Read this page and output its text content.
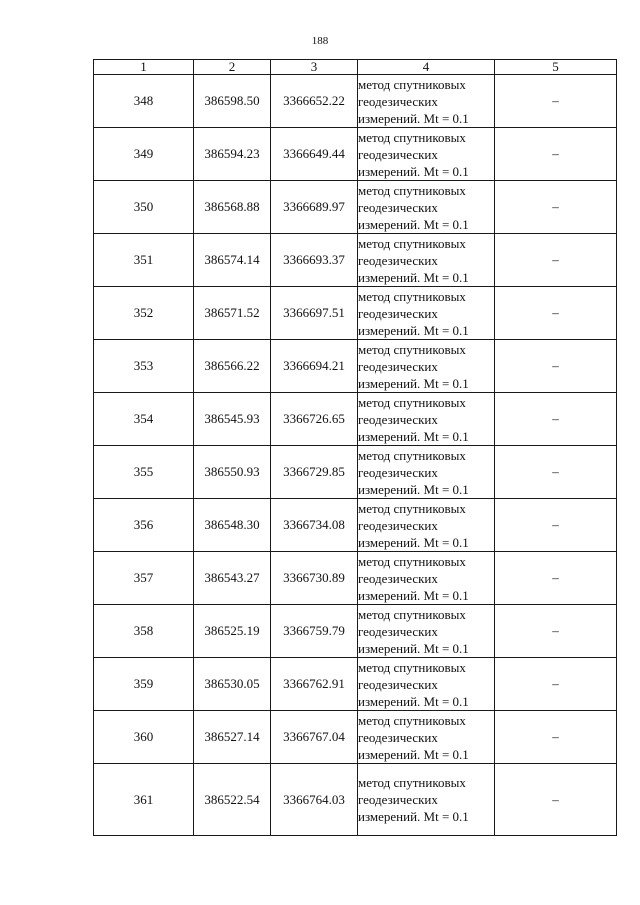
188
1	2	3	4	5
348	386598.50	3366652.22	метод спутниковых
геодезических
измерений. Mt = 0.1	–
349	386594.23	3366649.44	метод спутниковых
геодезических
измерений. Mt = 0.1	–
350	386568.88	3366689.97	метод спутниковых
геодезических
измерений. Mt = 0.1	–
351	386574.14	3366693.37	метод спутниковых
геодезических
измерений. Mt = 0.1	–
352	386571.52	3366697.51	метод спутниковых
геодезических
измерений. Mt = 0.1	–
353	386566.22	3366694.21	метод спутниковых
геодезических
измерений. Mt = 0.1	–
354	386545.93	3366726.65	метод спутниковых
геодезических
измерений. Mt = 0.1	–
355	386550.93	3366729.85	метод спутниковых
геодезических
измерений. Mt = 0.1	–
356	386548.30	3366734.08	метод спутниковых
геодезических
измерений. Mt = 0.1	–
357	386543.27	3366730.89	метод спутниковых
геодезических
измерений. Mt = 0.1	–
358	386525.19	3366759.79	метод спутниковых
геодезических
измерений. Mt = 0.1	–
359	386530.05	3366762.91	метод спутниковых
геодезических
измерений. Mt = 0.1	–
360	386527.14	3366767.04	метод спутниковых
геодезических
измерений. Mt = 0.1	–
361	386522.54	3366764.03	метод спутниковых
геодезических
измерений. Mt = 0.1	–
